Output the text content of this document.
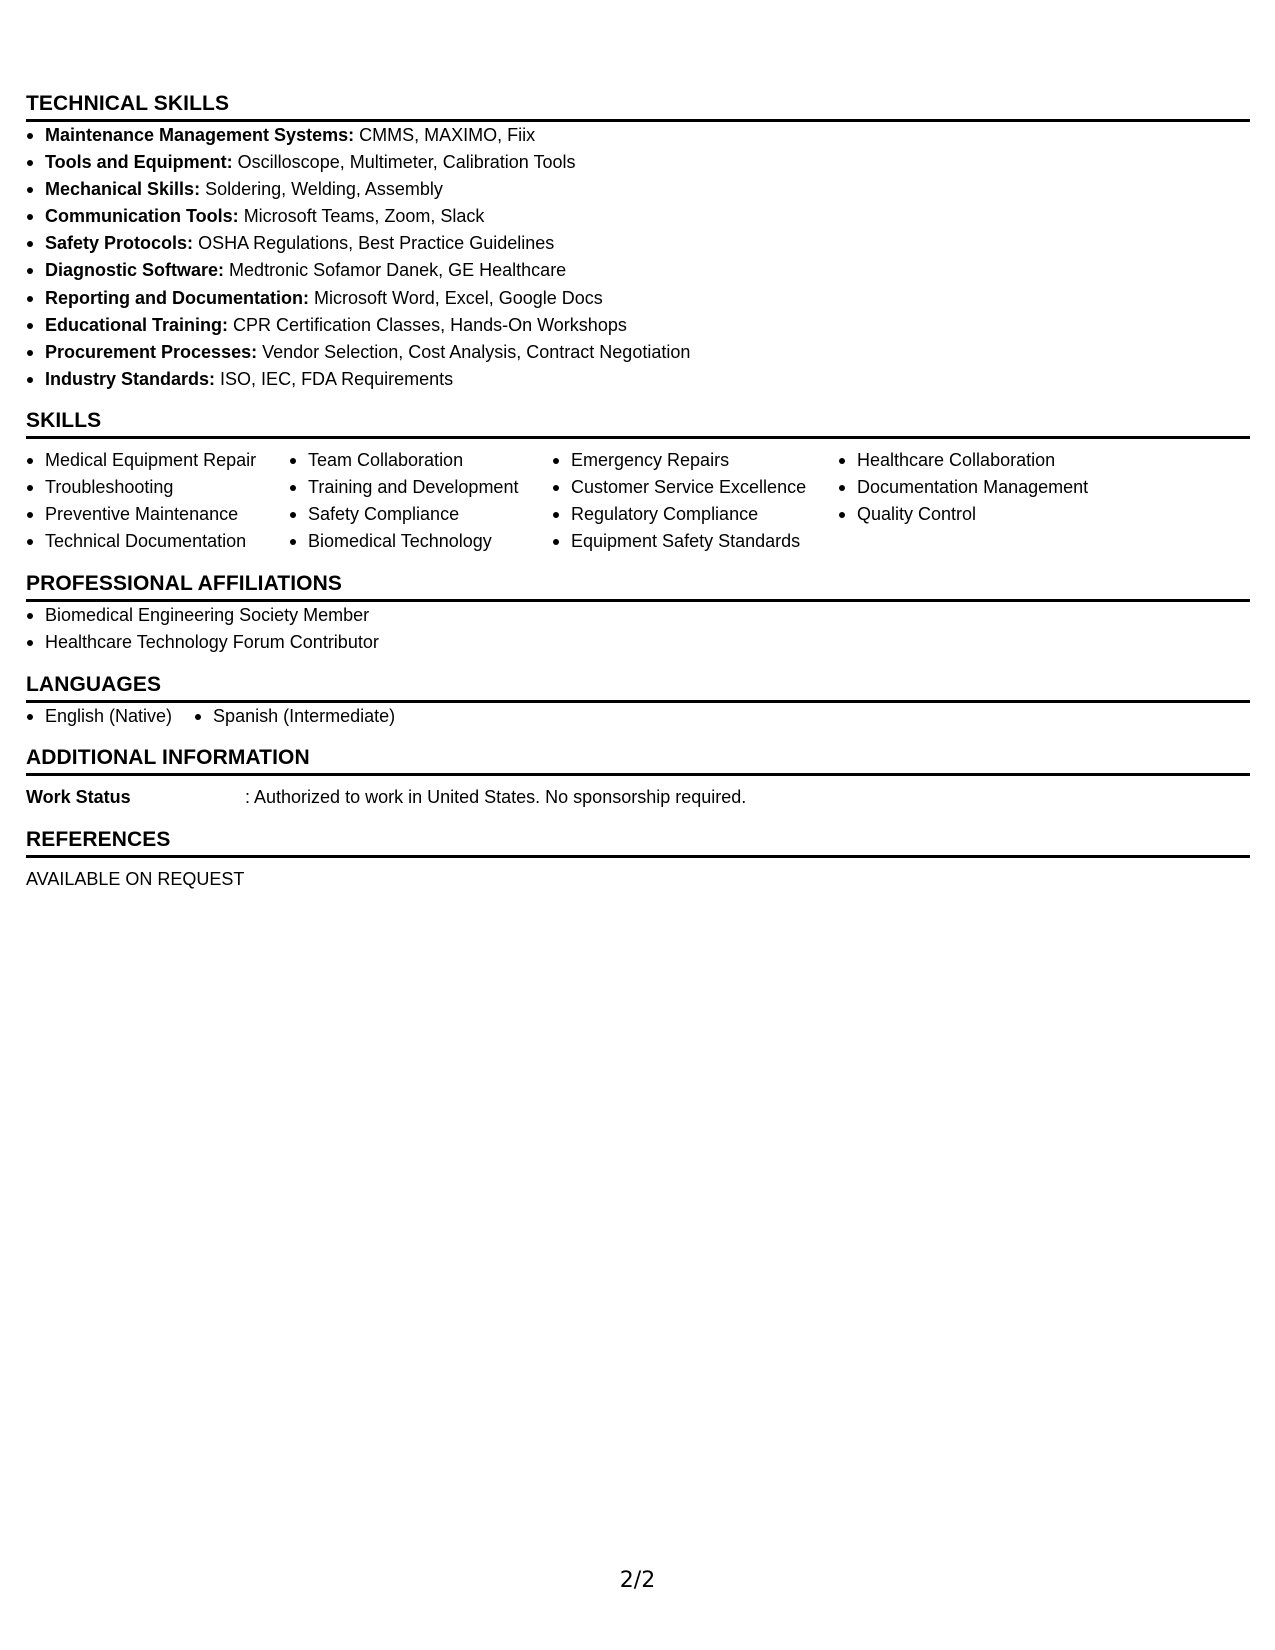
TECHNICAL SKILLS
Maintenance Management Systems: CMMS, MAXIMO, Fiix
Tools and Equipment: Oscilloscope, Multimeter, Calibration Tools
Mechanical Skills: Soldering, Welding, Assembly
Communication Tools: Microsoft Teams, Zoom, Slack
Safety Protocols: OSHA Regulations, Best Practice Guidelines
Diagnostic Software: Medtronic Sofamor Danek, GE Healthcare
Reporting and Documentation: Microsoft Word, Excel, Google Docs
Educational Training: CPR Certification Classes, Hands-On Workshops
Procurement Processes: Vendor Selection, Cost Analysis, Contract Negotiation
Industry Standards: ISO, IEC, FDA Requirements
SKILLS
Medical Equipment Repair
Troubleshooting
Preventive Maintenance
Technical Documentation
Team Collaboration
Training and Development
Safety Compliance
Biomedical Technology
Emergency Repairs
Customer Service Excellence
Regulatory Compliance
Equipment Safety Standards
Healthcare Collaboration
Documentation Management
Quality Control
PROFESSIONAL AFFILIATIONS
Biomedical Engineering Society Member
Healthcare Technology Forum Contributor
LANGUAGES
English (Native)	Spanish (Intermediate)
ADDITIONAL INFORMATION
Work Status	: Authorized to work in United States. No sponsorship required.
REFERENCES
AVAILABLE ON REQUEST
2/2
